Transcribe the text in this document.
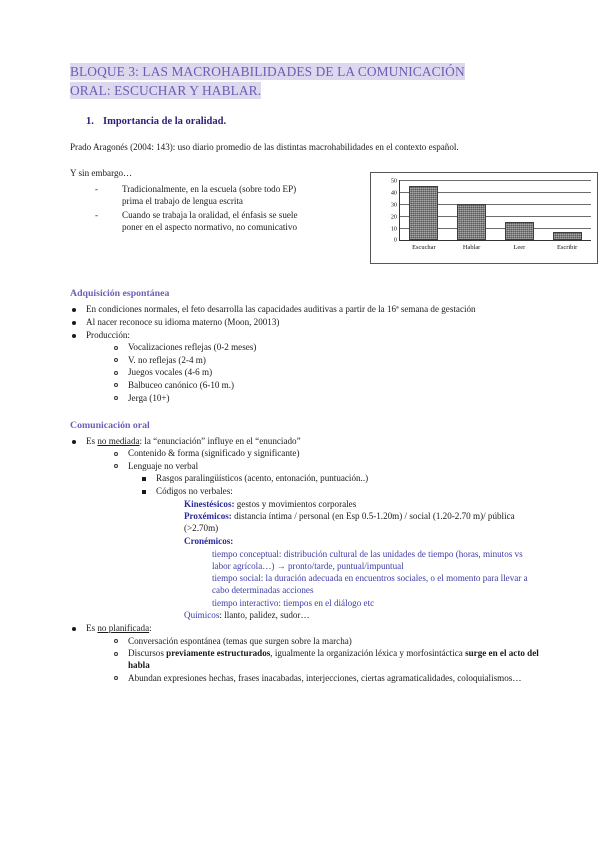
BLOQUE 3: LAS MACROHABILIDADES DE LA COMUNICACIÓN ORAL: ESCUCHAR Y HABLAR.
1. Importancia de la oralidad.

Prado Aragonés (2004: 143): uso diario promedio de las distintas macrohabilidades en el contexto español.

Y sin embargo…
- Tradicionalmente, en la escuela (sobre todo EP) prima el trabajo de lengua escrita
- Cuando se trabaja la oralidad, el énfasis se suele poner en el aspecto normativo, no comunicativo
50
40
30
20
10
0
Escuchar	Hablar	Leer	Escribir
Adquisición espontánea
En condiciones normales, el feto desarrolla las capacidades auditivas a partir de la 16ª semana de gestación
Al nacer reconoce su idioma materno (Moon, 20013)
Producción:
Vocalizaciones reflejas (0-2 meses)
V. no reflejas (2-4 m)
Juegos vocales (4-6 m)
Balbuceo canónico (6-10 m.)
Jerga (10+)
Comunicación oral
Es no mediada: la “enunciación” influye en el “enunciado”
Contenido & forma (significado y significante)
Lenguaje no verbal
Rasgos paralingüísticos (acento, entonación, puntuación..)
Códigos no verbales:
Kinestésicos: gestos y movimientos corporales
Proxémicos: distancia íntima / personal (en Esp 0.5-1.20m) / social (1.20-2.70 m)/ pública (>2.70m)
Cronémicos:
tiempo conceptual: distribución cultural de las unidades de tiempo (horas, minutos vs labor agrícola…) → pronto/tarde, puntual/impuntual
tiempo social: la duración adecuada en encuentros sociales, o el momento para llevar a cabo determinadas acciones
tiempo interactivo: tiempos en el diálogo etc
Químicos: llanto, palidez, sudor…
Es no planificada:
Conversación espontánea (temas que surgen sobre la marcha)
Discursos previamente estructurados, igualmente la organización léxica y morfosintáctica surge en el acto del habla
Abundan expresiones hechas, frases inacabadas, interjecciones, ciertas agramaticalidades, coloquialismos…
